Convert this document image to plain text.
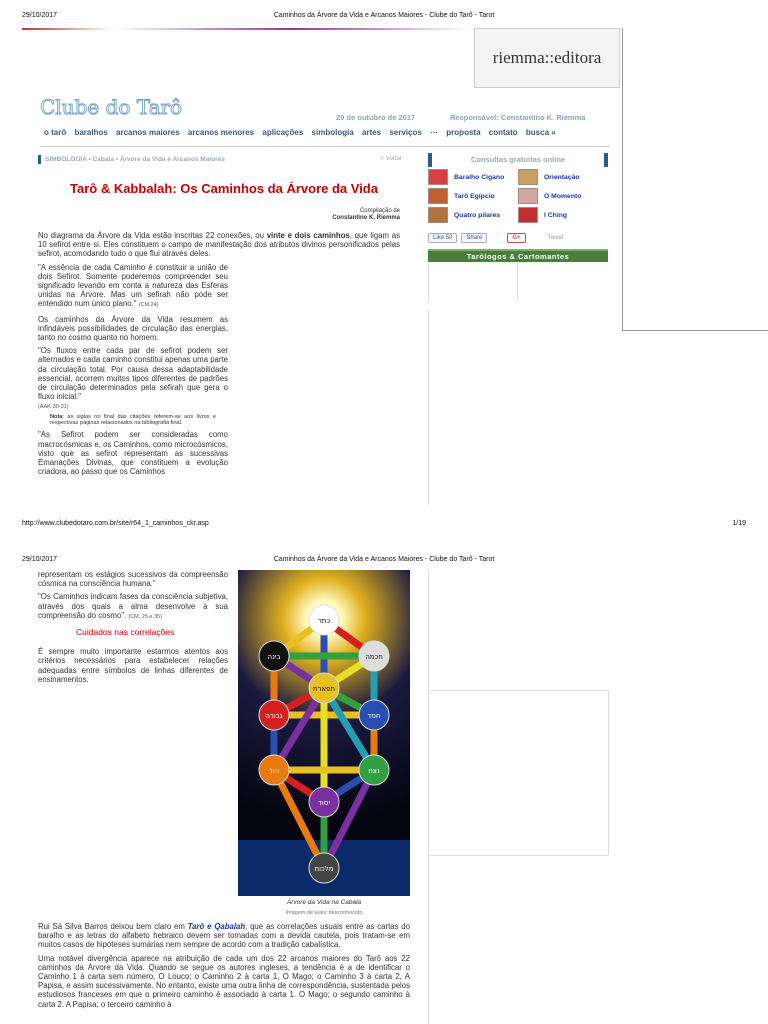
29/10/2017	Caminhos da Árvore da Vida e Arcanos Maiores - Clube do Tarô - Tarot
riemma::editora
Clube do Tarô	29 de outubro de 2017	Responsável: Constantino K. Riemma
o tarô baralhos arcanos maiores arcanos menores aplicações simbologia artes serviços ··· proposta contato busca »
SIMBOLOGIA • Cabala • Árvore da Vida e Arcanos Maiores	< voltar
Tarô & Kabbalah: Os Caminhos da Árvore da Vida
Compilação de
Constantino K. Riemma

No diagrama da Árvore da Vida estão inscritas 22 conexões, ou vinte e dois caminhos, que ligam as 10 sefirot entre si. Eles constituem o campo de manifestação dos atributos divinos personificados pelas sefirot, acomodando tudo o que flui através deles.

"A essência de cada Caminho é constituir a união de dois Sefirot. Somente poderemos compreender seu significado levando em conta a natureza das Esferas unidas na Árvore. Mas um sefirah não pode ser entendido num único plano." (CM,24)

Os caminhos da Árvore da Vida resumem as infindáveis possibilidades de circulação das energias, tanto no cosmo quanto no homem.

"Os fluxos entre cada par de sefirot podem ser alternados e cada caminho constitui apenas uma parte da circulação total. Por causa dessa adaptabilidade essencial, ocorrem muitos tipos diferentes de padrões de circulação determinados pela sefirah que gera o fluxo inicial."
(AAK-30-31)

Nota: as siglas no final das citações referem-se aos livros e respectivas páginas relacionados na bibliografia final.

"As Sefirot podem ser consideradas como macrocósmicas e, os Caminhos, como microcósmicos, visto que as sefirot representam as sucessivas Emanações Divinas, que constituem a evolução criadora, ao passo que os Caminhos

Consultas gratuitas online
Baralho Cigano	Orientação
Tarô Egípcio	O Momento
Quatro pilares	I Ching
Like 50	Share	G+	Tweet
Tarólogos & Cartomantes
http://www.clubedotaro.com.br/site/r64_1_caminhos_ckr.asp	1/19
29/10/2017	Caminhos da Árvore da Vida e Arcanos Maiores - Clube do Tarô - Tarot

representam os estágios sucessivos da compreensão cósmica na consciência humana."

"Os Caminhos indicam fases da consciência subjetiva, através dos quais a alma desenvolve a sua compreensão do cosmo". (CM, 25 e 35)

Cuidados nas correlações

É sempre muito importante estarmos atentos aos critérios necessários para estabelecer relações adequadas entre símbolos de linhas diferentes de ensinamentos.

כתר
בינה	חכמה
גבורה	חסד
תפארת
הוד	נצח
יסוד
מלכות
Árvore da Vida na Cabala
Imagem de autor desconhecido

Rui Sá Silva Barros deixou bem claro em Tarô e Qabalah, que as correlações usuais entre as cartas do baralho e as letras do alfabeto hebraico devem ser tomadas com a devida cautela, pois tratam-se em muitos casos de hipóteses sumárias nem sempre de acordo com a tradição cabalística.

Uma notável divergência aparece na atribuição de cada um dos 22 arcanos maiores do Tarô aos 22 caminhos da Árvore da Vida. Quando se segue os autores ingleses, a tendência é a de identificar o Caminho 1 à carta sem número, O Louco; o Caminho 2 à carta 1, O Mago; o Caminho 3 à carta 2, A Papisa, e assim sucessivamente. No entanto, existe uma outra linha de correspondência, sustentada pelos estudiosos franceses em que o primeiro caminho é associado à carta 1. O Mago; o segundo caminho à carta 2. A Papisa; o terceiro caminho à
